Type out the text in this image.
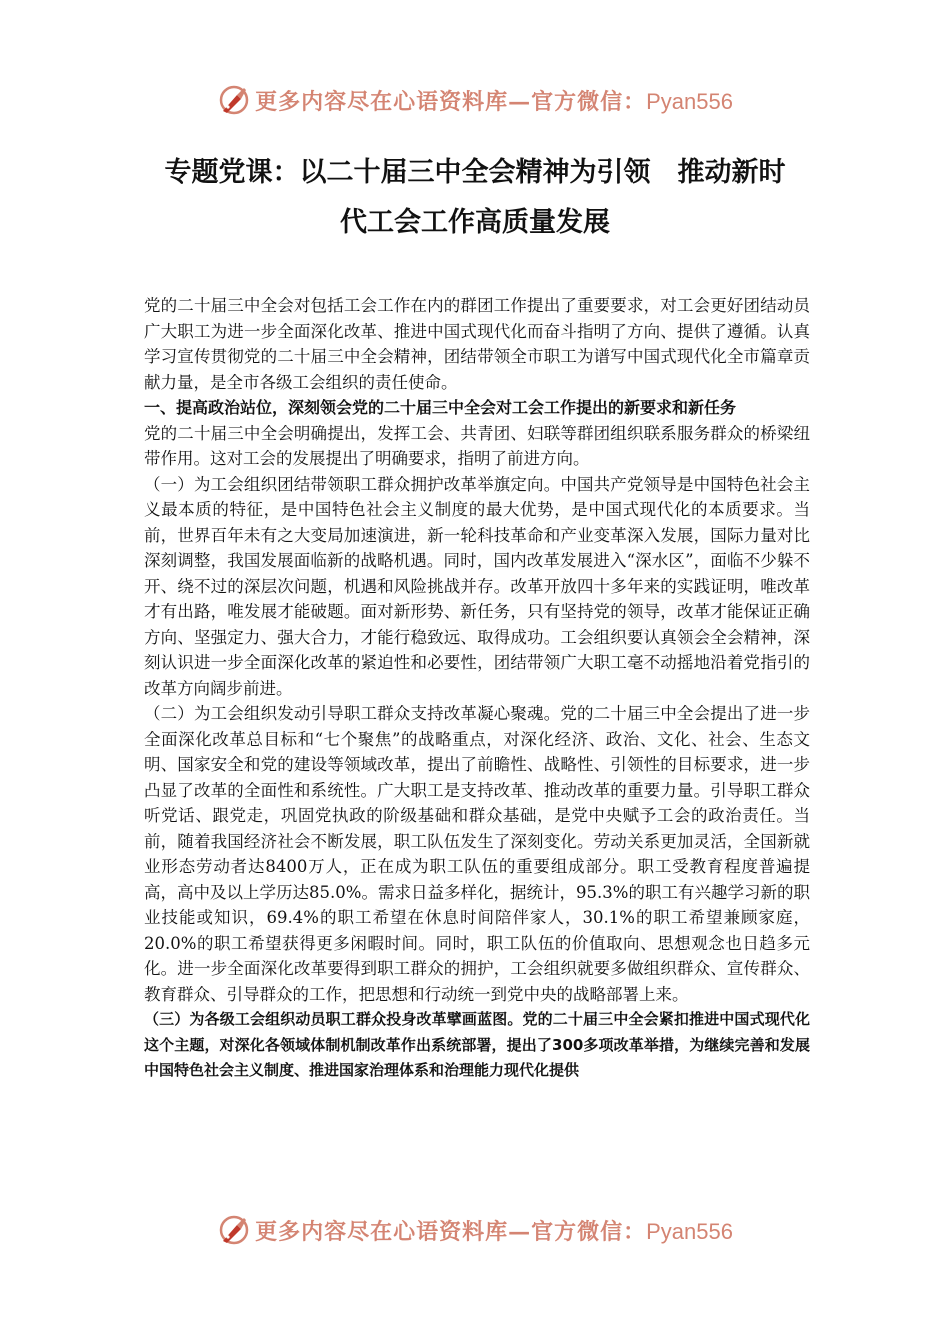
更多内容尽在心语资料库—官方微信：Pyan556
专题党课：以二十届三中全会精神为引领　推动新时
代工会工作高质量发展

党的二十届三中全会对包括工会工作在内的群团工作提出了重要要求，对工会更好团结动员广大职工为进一步全面深化改革、推进中国式现代化而奋斗指明了方向、提供了遵循。认真学习宣传贯彻党的二十届三中全会精神，团结带领全市职工为谱写中国式现代化全市篇章贡献力量，是全市各级工会组织的责任使命。

一、提高政治站位，深刻领会党的二十届三中全会对工会工作提出的新要求和新任务

党的二十届三中全会明确提出，发挥工会、共青团、妇联等群团组织联系服务群众的桥梁纽带作用。这对工会的发展提出了明确要求，指明了前进方向。

（一）为工会组织团结带领职工群众拥护改革举旗定向。中国共产党领导是中国特色社会主义最本质的特征，是中国特色社会主义制度的最大优势，是中国式现代化的本质要求。当前，世界百年未有之大变局加速演进，新一轮科技革命和产业变革深入发展，国际力量对比深刻调整，我国发展面临新的战略机遇。同时，国内改革发展进入“深水区”，面临不少躲不开、绕不过的深层次问题，机遇和风险挑战并存。改革开放四十多年来的实践证明，唯改革才有出路，唯发展才能破题。面对新形势、新任务，只有坚持党的领导，改革才能保证正确方向、坚强定力、强大合力，才能行稳致远、取得成功。工会组织要认真领会全会精神，深刻认识进一步全面深化改革的紧迫性和必要性，团结带领广大职工毫不动摇地沿着党指引的改革方向阔步前进。

（二）为工会组织发动引导职工群众支持改革凝心聚魂。党的二十届三中全会提出了进一步全面深化改革总目标和“七个聚焦”的战略重点，对深化经济、政治、文化、社会、生态文明、国家安全和党的建设等领域改革，提出了前瞻性、战略性、引领性的目标要求，进一步凸显了改革的全面性和系统性。广大职工是支持改革、推动改革的重要力量。引导职工群众听党话、跟党走，巩固党执政的阶级基础和群众基础，是党中央赋予工会的政治责任。当前，随着我国经济社会不断发展，职工队伍发生了深刻变化。劳动关系更加灵活，全国新就业形态劳动者达8400万人，正在成为职工队伍的重要组成部分。职工受教育程度普遍提高，高中及以上学历达85.0%。需求日益多样化，据统计，95.3%的职工有兴趣学习新的职业技能或知识，69.4%的职工希望在休息时间陪伴家人，30.1%的职工希望兼顾家庭，20.0%的职工希望获得更多闲暇时间。同时，职工队伍的价值取向、思想观念也日趋多元化。进一步全面深化改革要得到职工群众的拥护，工会组织就要多做组织群众、宣传群众、教育群众、引导群众的工作，把思想和行动统一到党中央的战略部署上来。

（三）为各级工会组织动员职工群众投身改革擘画蓝图。党的二十届三中全会紧扣推进中国式现代化这个主题，对深化各领域体制机制改革作出系统部署，提出了300多项改革举措，为继续完善和发展中国特色社会主义制度、推进国家治理体系和治理能力现代化提供

更多内容尽在心语资料库—官方微信：Pyan556
